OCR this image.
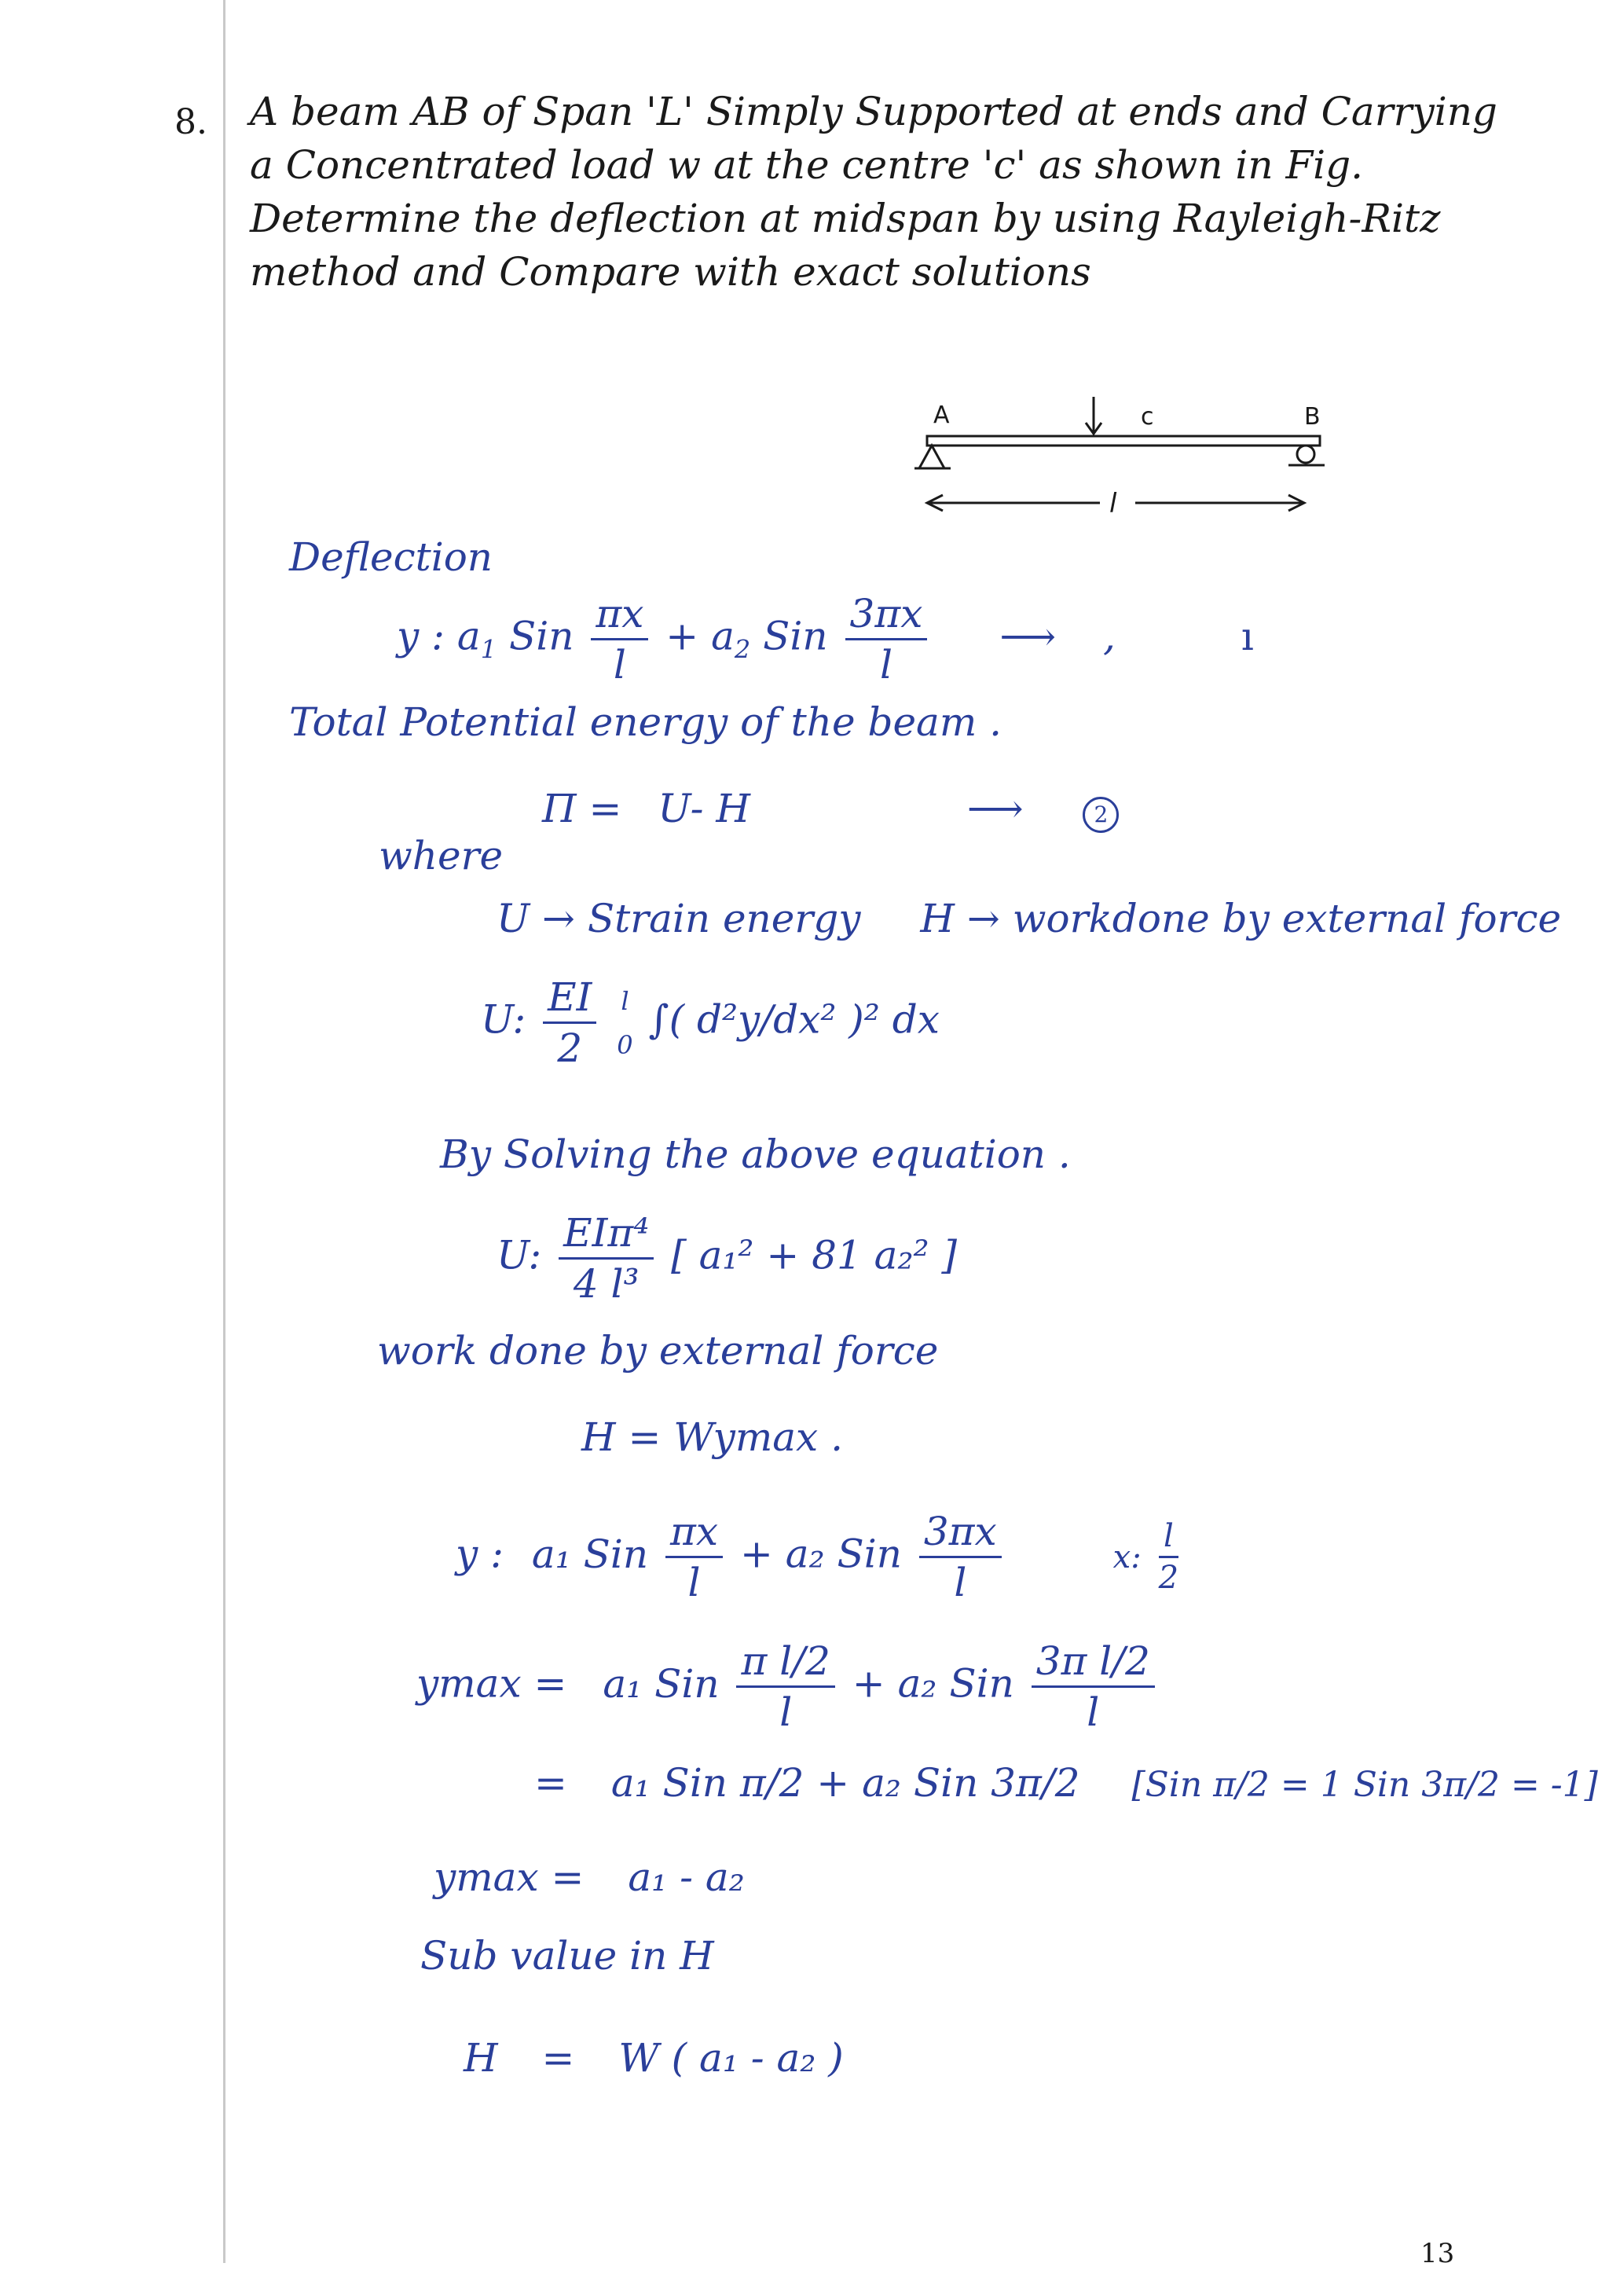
8. A beam AB of Span 'L' Simply Supported at ends and Carrying
a Concentrated load w at the centre 'c' as shown in Fig.
Determine the deflection at midspan by using Rayleigh-Ritz
method and Compare with exact solutions
A	c	B
l
Deflection
y : $a_1$ Sin $\frac{\pi x}{l} + a_2$ Sin $\frac{3\pi x}{l}$ ⟶ ,	ı
Total Potential energy of the beam .
Π = U- H	⟶	2
where
U → Strain energy H → workdone by external force
U: $\frac{EI}{2}$
l
0
∫( d²y/dx² )² dx
By Solving the above equation .
U: $\frac{\text{EIπ⁴}}{\text{4 l³}}$ [ a₁² + 81 a₂² ]
work done by external force
H = Wymax .
y : a₁ Sin $\frac{\pi x}{l} + a_2$ Sin $\frac{3\pi x}{l}$	x: $\frac{l}{2}$
ymax = a₁ Sin $\frac{\text{π l/2}}{l} + a_2$ Sin $\frac{\text{3π l/2}}{l}$
= a₁ Sin π/2 + a₂ Sin 3π/2 [Sin π/2 = 1 Sin 3π/2 = -1]
ymax = a₁ - a₂
Sub value in H
H = W ( a₁ - a₂ )
13
